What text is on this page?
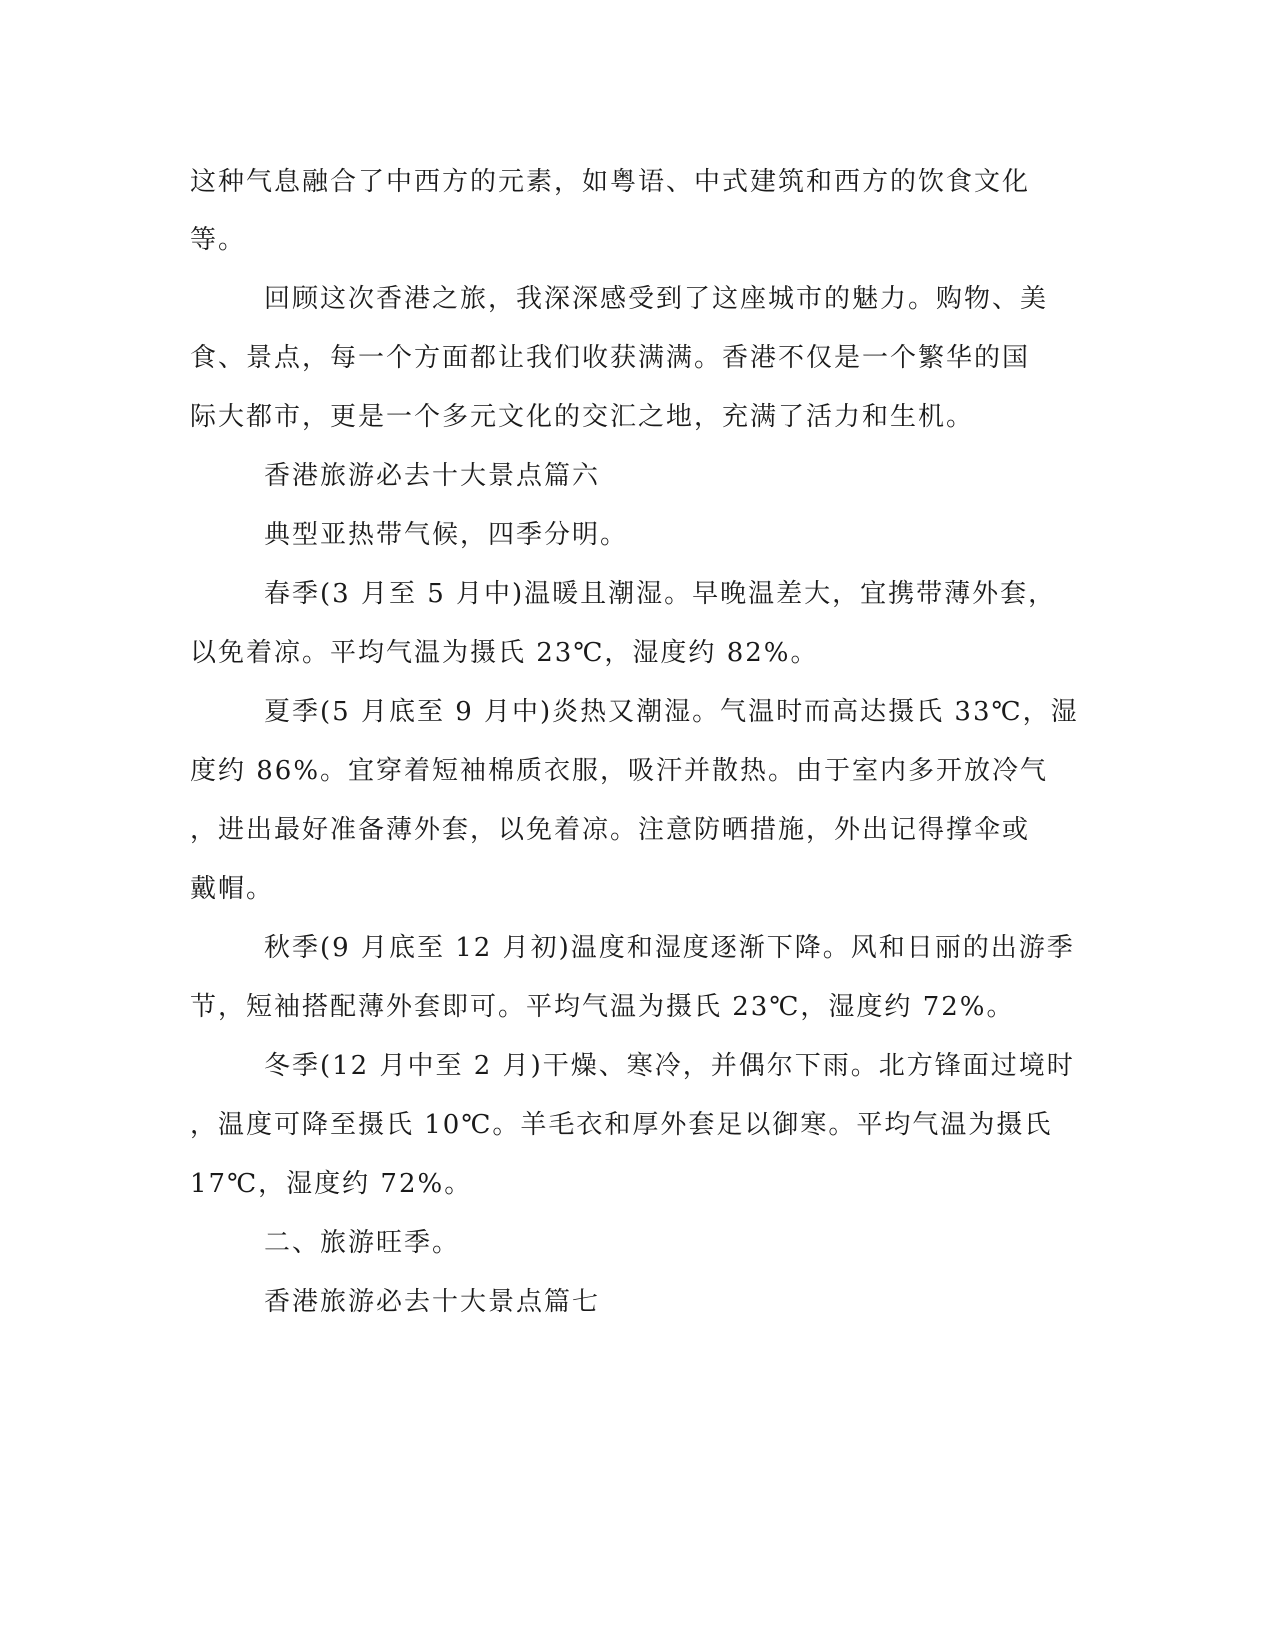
这种气息融合了中西方的元素，如粤语、中式建筑和西方的饮食文化

等。

回顾这次香港之旅，我深深感受到了这座城市的魅力。购物、美

食、景点，每一个方面都让我们收获满满。香港不仅是一个繁华的国

际大都市，更是一个多元文化的交汇之地，充满了活力和生机。

香港旅游必去十大景点篇六

典型亚热带气候，四季分明。

春季(3 月至 5 月中)温暖且潮湿。早晚温差大，宜携带薄外套，

以免着凉。平均气温为摄氏 23℃，湿度约 82%。

夏季(5 月底至 9 月中)炎热又潮湿。气温时而高达摄氏 33℃，湿

度约 86%。宜穿着短袖棉质衣服，吸汗并散热。由于室内多开放冷气

，进出最好准备薄外套，以免着凉。注意防晒措施，外出记得撑伞或

戴帽。

秋季(9 月底至 12 月初)温度和湿度逐渐下降。风和日丽的出游季

节，短袖搭配薄外套即可。平均气温为摄氏 23℃，湿度约 72%。

冬季(12 月中至 2 月)干燥、寒冷，并偶尔下雨。北方锋面过境时

，温度可降至摄氏 10℃。羊毛衣和厚外套足以御寒。平均气温为摄氏

17℃，湿度约 72%。

二、旅游旺季。

香港旅游必去十大景点篇七
